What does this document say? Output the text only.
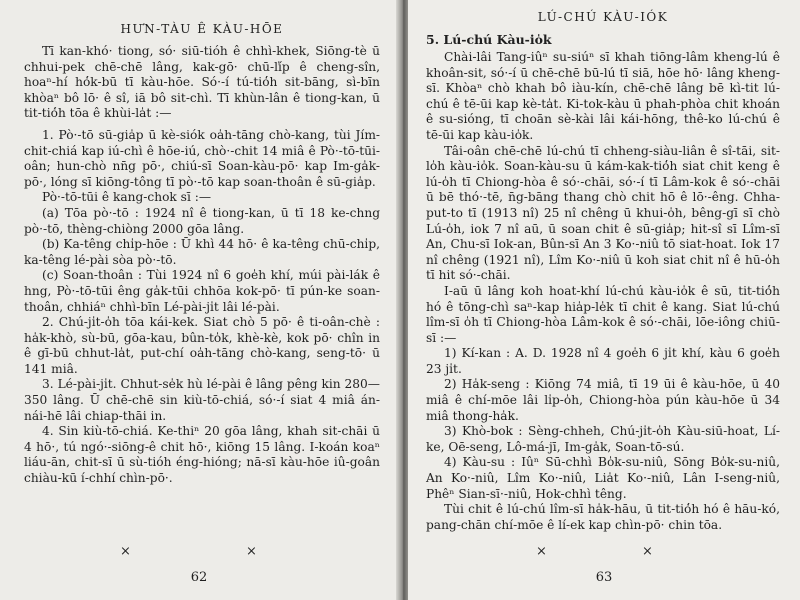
HƯN-TÀU Ê KÀU-HŌE

Tī kan-khó· tiong, só· siū-tióh ê chhì-khek, Siōng-tè ū chhui-pek chē-chē lâng, kak-gō· chū-lí̍p ê cheng-sîn, hoaⁿ-hí hó̍k-bū tī kàu-hōe. Só·-í tú-tió̍h sit-bāng, sì-bīn khòaⁿ bô lō· ê sî, iā bô sit-chì. Tī khùn-lân ê tiong-kan, ū tit-tió̍h tōa ê khùi-la̍t :—

1. Pò·-tō sū-gia̍p ū kè-siók oa̍h-tāng chò-kang, tùi Jím-chit-chiá kap iú-chì ê hōe-iú, chò·-chit 14 miâ ê Pò·-tō-tūi-oân; hun-chò nn̄g pō·, chiú-sī Soan-kàu-pō· kap Im-ga̍k-pō·, lóng sī kiōng-tông tī pò·-tō kap soan-thoân ê sū-gia̍p.

Pò·-tō-tūi ê kang-chok sī :—

(a) Tōa pò·-tō : 1924 nî ê tiong-kan, ū tī 18 ke-chng pò·-tō, thèng-chiòng 2000 gōa lâng.

(b) Ka-têng chi̍p-hōe : Ū khì 44 hō· ê ka-têng chū-chi̍p, ka-têng lé-pài sòa pò·-tō.

(c) Soan-thoân : Tùi 1924 nî 6 goe̍h khí, múi pài-lák ê hng, Pò·-tō-tūi êng ga̍k-tūi chhōa kok-pō· tī pún-ke soan-thoân, chhiáⁿ chhì-bīn Lé-pài-ji̍t lâi lé-pài.

2. Chú-ji̍t-o̍h tōa kái-kek. Siat chò 5 pō· ê ti-oân-chè : ha̍k-khò, sù-bū, gōa-kau, bûn-to̍k, khè-kè, kok pō· chîn in ê gī-bū chhut-la̍t, put-chí oa̍h-tāng chò-kang, seng-tō· ū 141 miâ.

3. Lé-pài-ji̍t. Chhut-se̍k hù lé-pài ê lâng pêng kin 280—350 lâng. Ū chē-chē sin kiù-tō-chiá, só·-í siat 4 miâ án-nái-hē lâi chiap-thāi in.

4. Sin kiù-tō-chiá. Ke-thiⁿ 20 gōa lâng, khah sit-chāi ū 4 hō·, tú ngó·-siōng-ê chit hō·, kiōng 15 lâng. I-koán koaⁿ liáu-ān, chit-sī ū sù-tióh éng-hióng; nā-sī kàu-hōe iû-goân chiàu-kū í-chhí chìn-pō·.

×	×
62
LÚ-CHÚ KÀU-IÓK

5. Lú-chú Kàu-io̍k

Chài-lâi Tang-iûⁿ su-siúⁿ sī khah tiōng-lâm kheng-lú ê khoân-sit, só·-í ū chē-chē bū-lú tī siā, hōe hō· lâng kheng-sī. Khòaⁿ chò khah bô iàu-kín, chē-chē lâng bē kì-tit lú-chú ê tē-ūi kap kè-ta̍t. Ki-tok-kàu ū phah-phòa chit khoán ê su-sióng, tī choān sè-kài lâi kái-hōng, thê-ko lú-chú ê tē-ūi kap kàu-io̍k.

Tâi-oân chē-chē lú-chú tī chheng-siàu-liân ê sî-tāi, sit-lo̍h kàu-io̍k. Soan-kàu-su ū kám-kak-tió̍h siat chit keng ê lú-o̍h tī Chiong-hòa ê só·-chāi, só·-í tī Lâm-kok ê só·-chāi ū bē thó·-tē, n̄g-bāng thang chò chit hō ê lō·-êng. Chha-put-to tī (1913 nî) 25 nî chêng ū khui-o̍h, bêng-gī sī chò Lú-o̍h, iok 7 nî aū, ū soan chit ê sū-gia̍p; hit-sî sī Lîm-sī An, Chu-sī Iok-an, Bûn-sī An 3 Ko·-niû tō siat-hoat. Iok 17 nî chêng (1921 nî), Lîm Ko·-niû ū koh siat chit nî ê hū-o̍h tī hit só·-chāi.

I-aū ū lâng koh hoat-khí lú-chú kàu-io̍k ê sū, tit-tió̍h hó ê tōng-chì saⁿ-kap hia̍p-le̍k tī chit ê kang. Siat lú-chú lîm-sī o̍h tī Chiong-hòa Lâm-kok ê só·-chāi, lōe-iông chiū-sī :—

1) Kí-kan : A. D. 1928 nî 4 goe̍h 6 ji̍t khí, kàu 6 goe̍h 23 ji̍t.

2) Ha̍k-seng : Kiōng 74 miâ, tī 19 ūi ê kàu-hōe, ū 40 miâ ê chí-mōe lâi li̍p-o̍h, Chiong-hòa pún kàu-hōe ū 34 miâ thong-ha̍k.

3) Khò-bok : Sèng-chheh, Chú-ji̍t-o̍h Kàu-siū-hoat, Lí-ke, Oē-seng, Lô-má-jī, Im-ga̍k, Soan-tō-sú.

4) Kàu-su : Iûⁿ Sū-chhì Bo̍k-su-niû, Sōng Bo̍k-su-niû, An Ko·-niû, Lîm Ko·-niû, Lia̍t Ko·-niû, Lân I-seng-niû, Phêⁿ Sian-sī·-niû, Hok-chhì têng.

Tùi chit ê lú-chú lîm-sī ha̍k-hāu, ū tit-tió̍h hó ê hāu-kó, pang-chān chí-mōe ê lí-ek kap chìn-pō· chin tōa.

×	×
63
